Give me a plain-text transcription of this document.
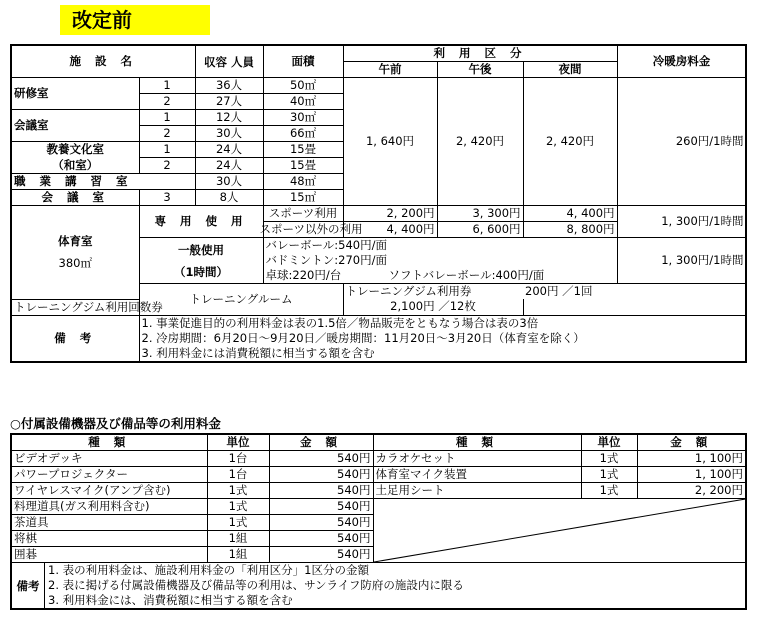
改定前
施 設 名		収容 人員	面積	利 用 区 分			冷暖房料金	
				午前	午後	夜間		
研修室	1	36人	50㎡	1, 640円	2, 420円	2, 420円	260円/1時間	
	2	27人	40㎡					
会議室	1	12人	30㎡					
	2	30人	66㎡					
教養文化室	1	24人	15畳					
（和室）	2	24人	15畳					
職 業 講 習 室		30人	48㎡					
会 議 室	3	8人	15㎡				

体育室
380㎡	専 用 使 用		スポーツ利用	2, 200円	3, 300円	4, 400円	1, 300円/1時間	
			スポーツ以外の利用	4, 400円	6, 600円	8, 800円		

	一般使用
（1時間）		バレーボール:540円/面				1, 300円/1時間	
			バドミントン:270円/面					
			卓球:220円/台 ソフトバレーボール:400円/面					
	トレーニングルーム			トレーニングジム利用券		200円 ／1回		
トレーニングジム利用回数券				2,100円 ／12枚				
備 考	1. 事業促進目的の利用料金は表の1.5倍／物品販売をともなう場合は表の3倍
2. 冷房期間：6月20日～9月20日／暖房期間：11月20日～3月20日（体育室を除く）
3. 利用料金には消費税額に相当する額を含む							
○付属設備機器及び備品等の利用料金
種 類	単位	金 額	種 類	単位	金 額
ビデオデッキ	1台	540円	カラオケセット	1式	1, 100円
パワープロジェクター	1台	540円	体育室マイク装置	1式	1, 100円
ワイヤレスマイク(アンプ含む)	1式	540円	土足用シート	1式	2, 200円
料理道具(ガス利用料含む)	1式	540円	

茶道具	1式	540円			
将棋	1組	540円			
囲碁	1組	540円			

備考
1. 表の利用料金は、施設利用料金の「利用区分」1区分の金額
2. 表に掲げる付属設備機器及び備品等の利用は、サンライフ防府の施設内に限る
3. 利用料金には、消費税額に相当する額を含む					
